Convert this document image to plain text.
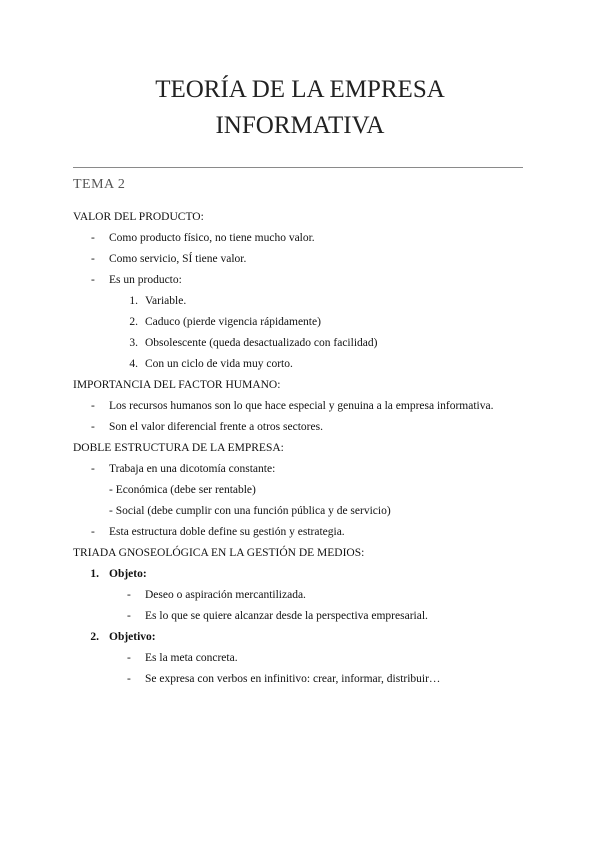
TEORÍA DE LA EMPRESA
INFORMATIVA
TEMA 2
VALOR DEL PRODUCTO:
-	Como producto físico, no tiene mucho valor.
-	Como servicio, SÍ tiene valor.
-	Es un producto:
1. Variable.
2. Caduco (pierde vigencia rápidamente)
3. Obsolescente (queda desactualizado con facilidad)
4. Con un ciclo de vida muy corto.
IMPORTANCIA DEL FACTOR HUMANO:
-	Los recursos humanos son lo que hace especial y genuina a la empresa informativa.
-	Son el valor diferencial frente a otros sectores.
DOBLE ESTRUCTURA DE LA EMPRESA:
-	Trabaja en una dicotomía constante:
- Económica (debe ser rentable)
- Social (debe cumplir con una función pública y de servicio)
-	Esta estructura doble define su gestión y estrategia.
TRIADA GNOSEOLÓGICA EN LA GESTIÓN DE MEDIOS:
1. Objeto:
-	Deseo o aspiración mercantilizada.
-	Es lo que se quiere alcanzar desde la perspectiva empresarial.
2. Objetivo:
-	Es la meta concreta.
-	Se expresa con verbos en infinitivo: crear, informar, distribuir…
